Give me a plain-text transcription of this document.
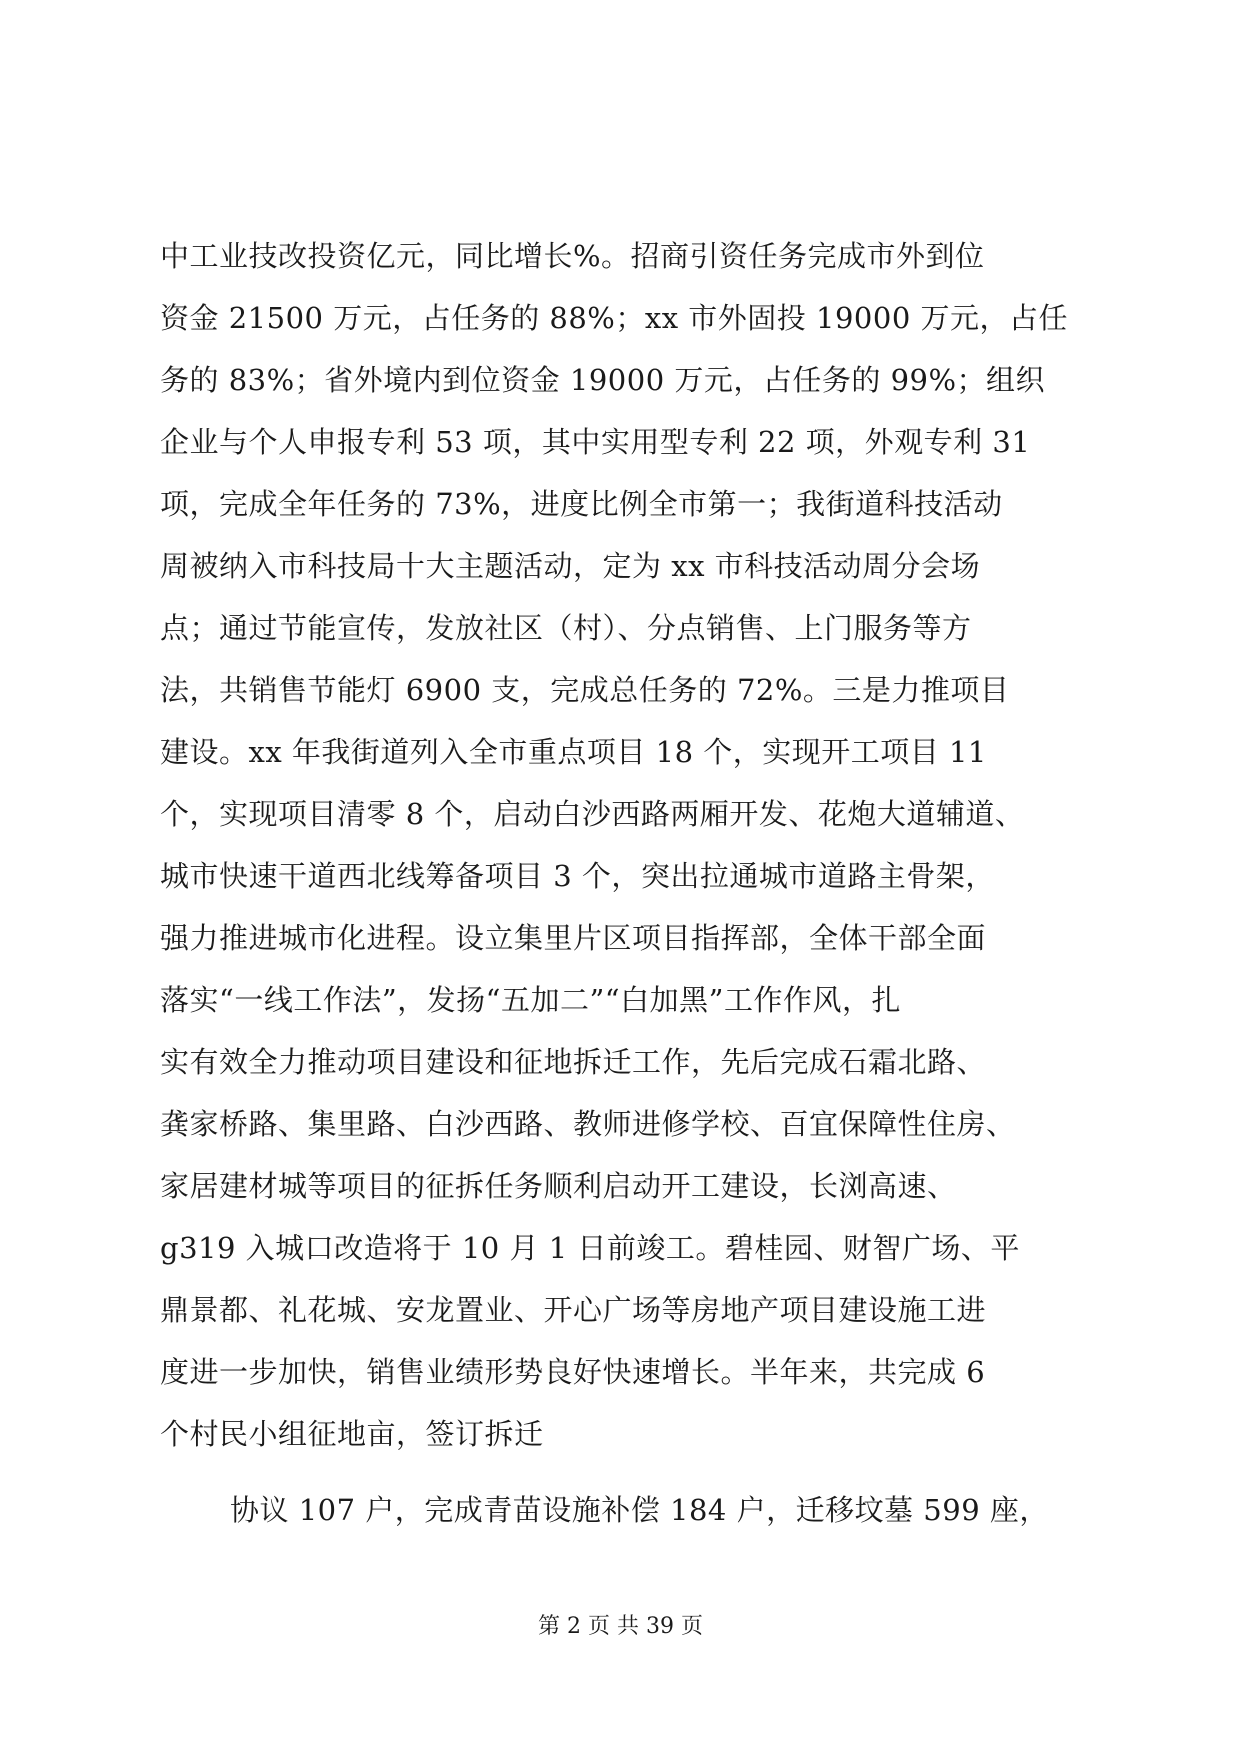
中工业技改投资亿元，同比增长%。招商引资任务完成市外到位
资金 21500 万元，占任务的 88%；xx 市外固投 19000 万元，占任
务的 83%；省外境内到位资金 19000 万元，占任务的 99%；组织
企业与个人申报专利 53 项，其中实用型专利 22 项，外观专利 31
项，完成全年任务的 73%，进度比例全市第一；我街道科技活动
周被纳入市科技局十大主题活动，定为 xx 市科技活动周分会场
点；通过节能宣传，发放社区（村）、分点销售、上门服务等方
法，共销售节能灯 6900 支，完成总任务的 72%。三是力推项目
建设。xx 年我街道列入全市重点项目 18 个，实现开工项目 11
个，实现项目清零 8 个，启动白沙西路两厢开发、花炮大道辅道、
城市快速干道西北线筹备项目 3 个，突出拉通城市道路主骨架，
强力推进城市化进程。设立集里片区项目指挥部，全体干部全面
落实“一线工作法”，发扬“五加二”“白加黑”工作作风，扎
实有效全力推动项目建设和征地拆迁工作，先后完成石霜北路、
龚家桥路、集里路、白沙西路、教师进修学校、百宜保障性住房、
家居建材城等项目的征拆任务顺利启动开工建设，长浏高速、
g319 入城口改造将于 10 月 1 日前竣工。碧桂园、财智广场、平
鼎景都、礼花城、安龙置业、开心广场等房地产项目建设施工进
度进一步加快，销售业绩形势良好快速增长。半年来，共完成 6
个村民小组征地亩，签订拆迁
协议 107 户，完成青苗设施补偿 184 户，迁移坟墓 599 座，
第 2 页 共 39 页
